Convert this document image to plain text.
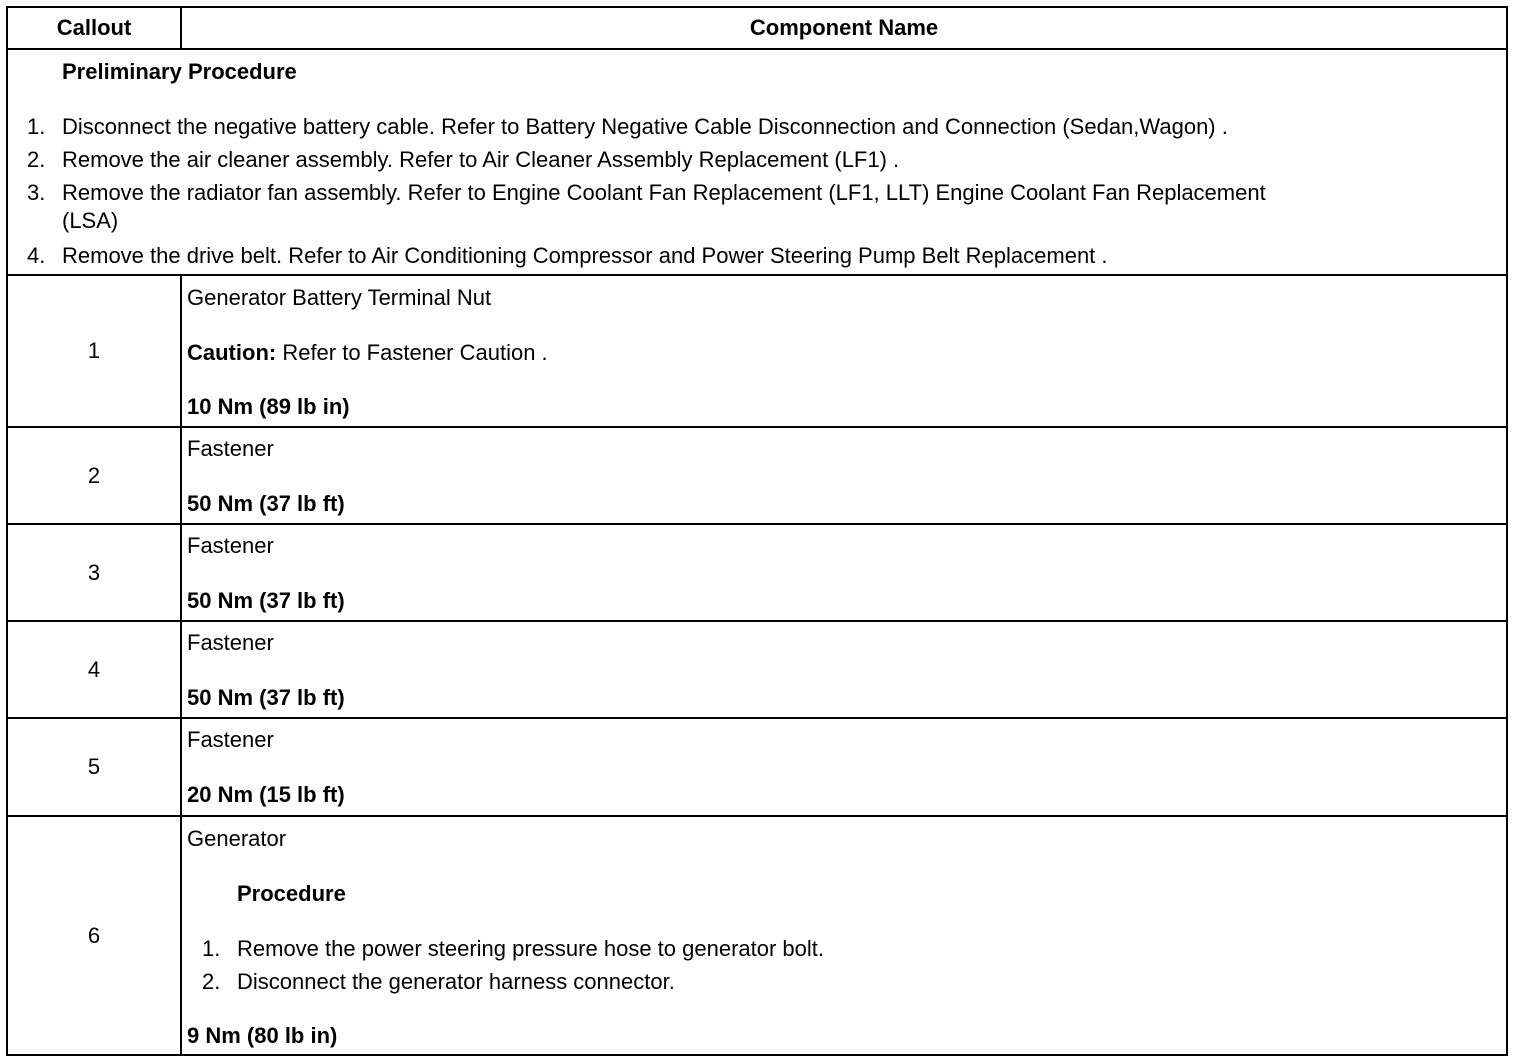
Callout	Component Name
Preliminary Procedure
1. Disconnect the negative battery cable. Refer to Battery Negative Cable Disconnection and Connection (Sedan,Wagon) .
2. Remove the air cleaner assembly. Refer to Air Cleaner Assembly Replacement (LF1) .
3. Remove the radiator fan assembly. Refer to Engine Coolant Fan Replacement (LF1, LLT) Engine Coolant Fan Replacement
(LSA)
4. Remove the drive belt. Refer to Air Conditioning Compressor and Power Steering Pump Belt Replacement .
1
Generator Battery Terminal Nut
Caution: Refer to Fastener Caution .
10 Nm (89 lb in)
2
Fastener
50 Nm (37 lb ft)
3
Fastener
50 Nm (37 lb ft)
4
Fastener
50 Nm (37 lb ft)
5
Fastener
20 Nm (15 lb ft)
6
Generator
Procedure
1. Remove the power steering pressure hose to generator bolt.
2. Disconnect the generator harness connector.
9 Nm (80 lb in)
